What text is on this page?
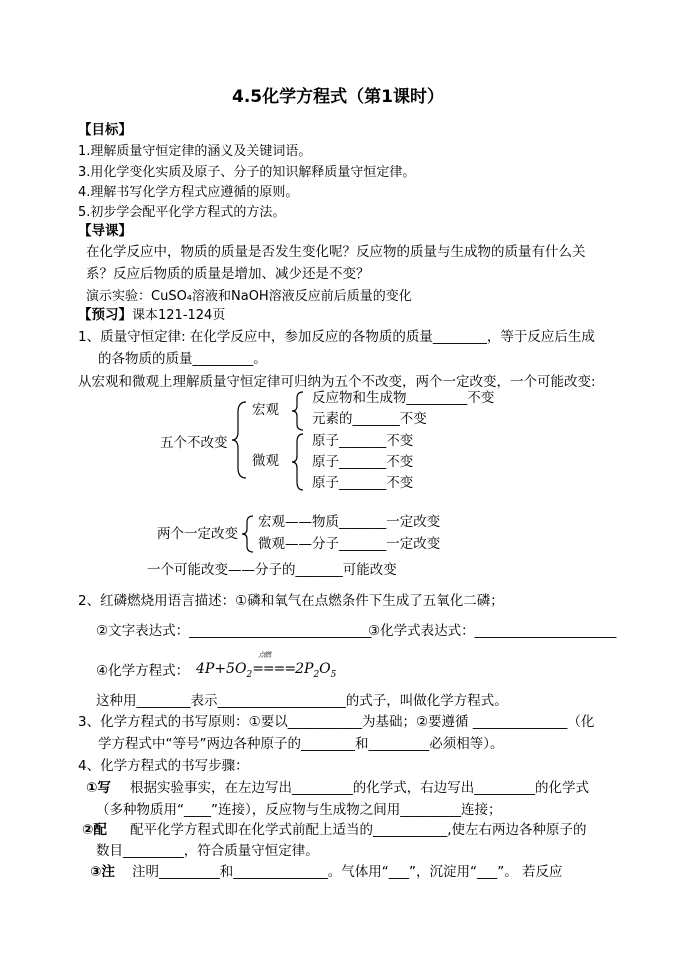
4.5化学方程式（第1课时）
【目标】
1.理解质量守恒定律的涵义及关键词语。
3.用化学变化实质及原子、分子的知识解释质量守恒定律。
4.理解书写化学方程式应遵循的原则。
5.初步学会配平化学方程式的方法。
【导课】
在化学反应中，物质的质量是否发生变化呢？反应物的质量与生成物的质量有什么关
系？反应后物质的质量是增加、减少还是不变？
演示实验：CuSO₄溶液和NaOH溶液反应前后质量的变化
【预习】课本121-124页
1、质量守恒定律: 在化学反应中，参加反应的各物质的质量________，等于反应后生成
的各物质的质量_________。
从宏观和微观上理解质量守恒定律可归纳为五个不改变，两个一定改变，一个可能改变:
五个不改变
宏观
反应物和生成物_________不变
元素的_______不变
微观
原子_______不变
原子_______不变
原子_______不变
两个一定改变
宏观——物质_______一定改变
微观——分子_______一定改变
一个可能改变——分子的_______可能改变
2、红磷燃烧用语言描述：①磷和氧气在点燃条件下生成了五氧化二磷；
②文字表达式：___________________________
③化学式表达式：_____________________
④化学方程式： $4P+5O_2$
点燃
$====2P_2O_5$
这种用________表示___________________的式子，叫做化学方程式。
3、化学方程式的书写原则：①要以___________为基础；②要遵循 ______________（化
学方程式中“等号”两边各种原子的________和_________必须相等）。
4、化学方程式的书写步骤：
①写 根据实验事实，在左边写出_________的化学式，右边写出_________的化学式
（多种物质用“____”连接），反应物与生成物之间用_________连接；
②配 配平化学方程式即在化学式前配上适当的___________,使左右两边各种原子的
数目_________，符合质量守恒定律。
③注 注明_________和______________。气体用“___”，沉淀用“___”。 若反应
